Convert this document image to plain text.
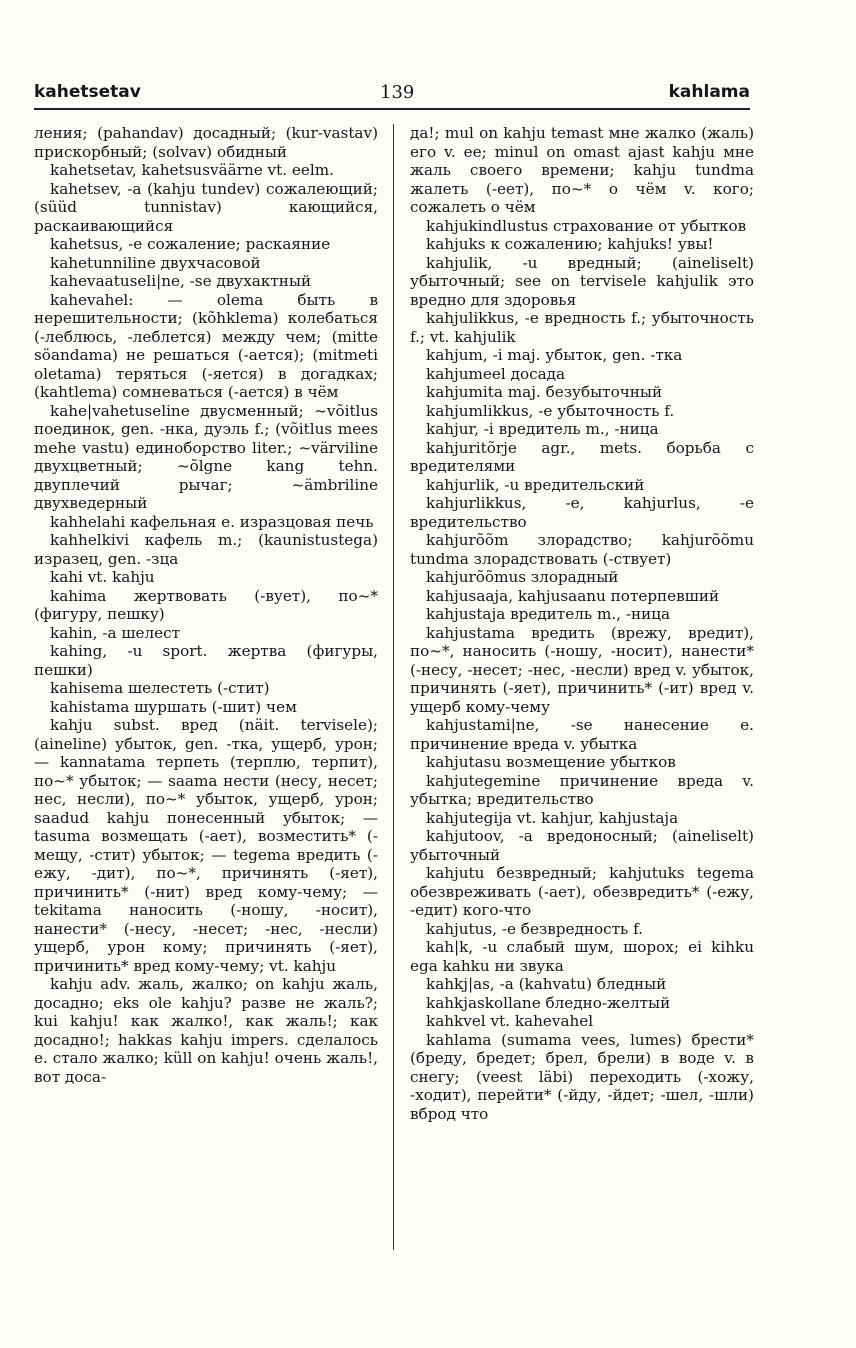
kahetsetav	139	kahlama

ления; (pahandav) досадный; (kur-vastav) прискорбный; (solvav) обидный

kahetsetav, kahetsusväärne vt. eelm.

kahetsev, -a (kahju tundev) сожалеющий; (süüd tunnistav) кающийся, раскаивающийся

kahetsus, -e сожаление; раскаяние

kahetunniline двухчасовой

kahevaatuseli|ne, -se двухактный

kahevahel: — olema быть в нерешительности; (kõhklema) колебаться (-леблюсь, -леблется) между чем; (mitte söandama) не решаться (-ается); (mitmeti oletama) теряться (-яется) в догадках; (kahtlema) сомневаться (-ается) в чём

kahe|vahetuseline двусменный; ~võitlus поединок, gen. -нка, дуэль f.; (võitlus mees mehe vastu) единоборство liter.; ~värviline двухцветный; ~õlgne kang tehn. двуплечий рычаг; ~ämbriline двухведерный

kahhelahi кафельная е. изразцовая печь

kahhelkivi кафель m.; (kaunistustega) изразец, gen. -зца

kahi vt. kahju

kahima жертвовать (-вует), по~* (фигуру, пешку)

kahin, -a шелест

kahing, -u sport. жертва (фигуры, пешки)

kahisema шелестеть (-стит)

kahistama шуршать (-шит) чем

kahju subst. вред (näit. tervisele); (aineline) убыток, gen. -тка, ущерб, урон; — kannatama терпеть (терплю, терпит), по~* убыток; — saama нести (несу, несет; нес, несли), по~* убыток, ущерб, урон; saadud kahju понесенный убыток; — tasuma возмещать (-ает), возместить* (-мещу, -стит) убыток; — tegema вредить (-ежу, -дит), по~*, причинять (-яет), причинить* (-нит) вред кому-чему; — tekitama наносить (-ношу, -носит), нанести* (-несу, -несет; -нес, -несли) ущерб, урон кому; причинять (-яет), причинить* вред кому-чему; vt. kahju

kahju adv. жаль, жалко; on kahju жаль, досадно; eks ole kahju? разве не жаль?; kui kahju! как жалко!, как жаль!; как досадно!; hakkas kahju impers. сделалось е. стало жалко; küll on kahju! очень жаль!, вот доса-

да!; mul on kahju temast мне жалко (жаль) его v. ее; minul on omast ajast kahju мне жаль своего времени; kahju tundma жалеть (-еет), по~* о чём v. кого; сожалеть о чём

kahjukindlustus страхование от убытков

kahjuks к сожалению; kahjuks! увы!

kahjulik, -u вредный; (aineliselt) убыточный; see on tervisele kahjulik это вредно для здоровья

kahjulikkus, -e вредность f.; убыточность f.; vt. kahjulik

kahjum, -i maj. убыток, gen. -тка

kahjumeel досада

kahjumita maj. безубыточный

kahjumlikkus, -e убыточность f.

kahjur, -i вредитель m., -ница

kahjuritõrje agr., mets. борьба с вредителями

kahjurlik, -u вредительский

kahjurlikkus, -e, kahjurlus, -e вредительство

kahjurõõm злорадство; kahjurõõmu tundma злорадствовать (-ствует)

kahjurõõmus злорадный

kahjusaaja, kahjusaanu потерпевший

kahjustaja вредитель m., -ница

kahjustama вредить (врежу, вредит), по~*, наносить (-ношу, -носит), нанести* (-несу, -несет; -нес, -несли) вред v. убыток, причинять (-яет), причинить* (-ит) вред v. ущерб кому-чему

kahjustami|ne, -se нанесение е. причинение вреда v. убытка

kahjutasu возмещение убытков

kahjutegemine причинение вреда v. убытка; вредительство

kahjutegija vt. kahjur, kahjustaja

kahjutoov, -a вредоносный; (aineliselt) убыточный

kahjutu безвредный; kahjutuks tegema обезвреживать (-ает), обезвредить* (-ежу, -едит) кого-что

kahjutus, -e безвредность f.

kah|k, -u слабый шум, шорох; ei kihku ega kahku ни звука

kahkj|as, -a (kahvatu) бледный

kahkjaskollane бледно-желтый

kahkvel vt. kahevahel

kahlama (sumama vees, lumes) брести* (бреду, бредет; брел, брели) в воде v. в снегу; (veest läbi) переходить (-хожу, -ходит), перейти* (-йду, -йдет; -шел, -шли) вброд что
